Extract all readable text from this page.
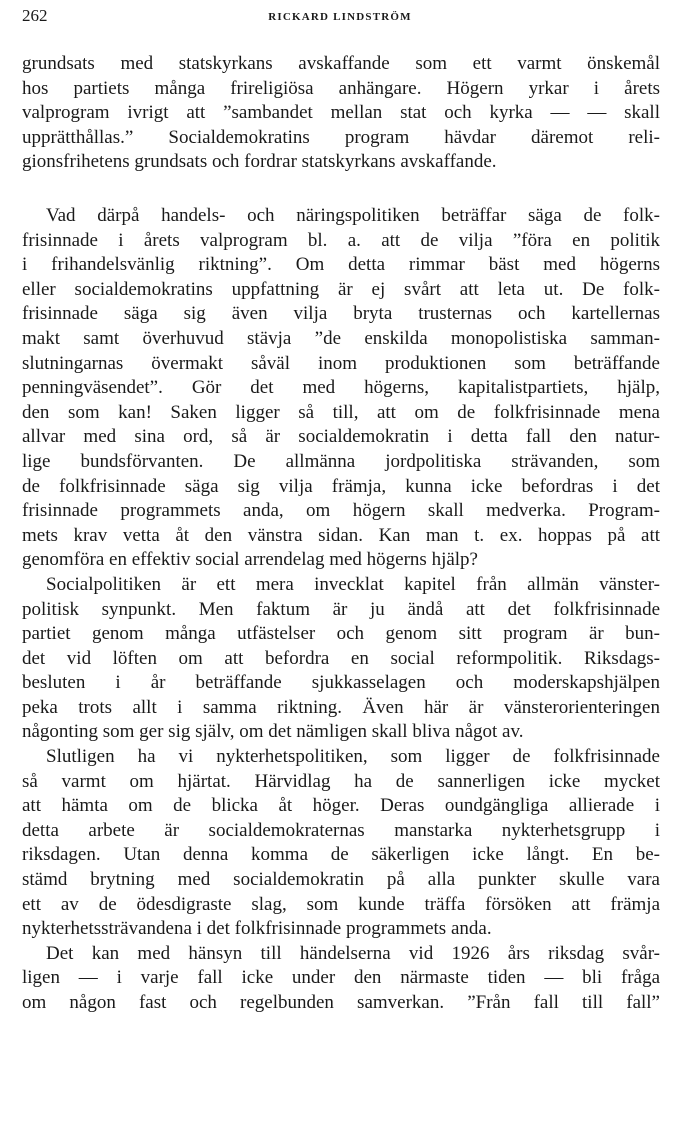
262	RICKARD LINDSTRÖM
grundsats med statskyrkans avskaffande som ett varmt önskemål
hos partiets många frireligiösa anhängare. Högern yrkar i årets
valprogram ivrigt att ”sambandet mellan stat och kyrka — — skall
upprätthållas.” Socialdemokratins program hävdar däremot reli-
gionsfrihetens grundsats och fordrar statskyrkans avskaffande.
Vad därpå handels- och näringspolitiken beträffar säga de folk-
frisinnade i årets valprogram bl. a. att de vilja ”föra en politik
i frihandelsvänlig riktning”. Om detta rimmar bäst med högerns
eller socialdemokratins uppfattning är ej svårt att leta ut. De folk-
frisinnade säga sig även vilja bryta trusternas och kartellernas
makt samt överhuvud stävja ”de enskilda monopolistiska samman-
slutningarnas övermakt såväl inom produktionen som beträffande
penningväsendet”. Gör det med högerns, kapitalistpartiets, hjälp,
den som kan! Saken ligger så till, att om de folkfrisinnade mena
allvar med sina ord, så är socialdemokratin i detta fall den natur-
lige bundsförvanten. De allmänna jordpolitiska strävanden, som
de folkfrisinnade säga sig vilja främja, kunna icke befordras i det
frisinnade programmets anda, om högern skall medverka. Program-
mets krav vetta åt den vänstra sidan. Kan man t. ex. hoppas på att
genomföra en effektiv social arrendelag med högerns hjälp?
Socialpolitiken är ett mera invecklat kapitel från allmän vänster-
politisk synpunkt. Men faktum är ju ändå att det folkfrisinnade
partiet genom många utfästelser och genom sitt program är bun-
det vid löften om att befordra en social reformpolitik. Riksdags-
besluten i år beträffande sjukkasselagen och moderskapshjälpen
peka trots allt i samma riktning. Även här är vänsterorienteringen
någonting som ger sig själv, om det nämligen skall bliva något av.
Slutligen ha vi nykterhetspolitiken, som ligger de folkfrisinnade
så varmt om hjärtat. Härvidlag ha de sannerligen icke mycket
att hämta om de blicka åt höger. Deras oundgängliga allierade i
detta arbete är socialdemokraternas manstarka nykterhetsgrupp i
riksdagen. Utan denna komma de säkerligen icke långt. En be-
stämd brytning med socialdemokratin på alla punkter skulle vara
ett av de ödesdigraste slag, som kunde träffa försöken att främja
nykterhetssträvandena i det folkfrisinnade programmets anda.
Det kan med hänsyn till händelserna vid 1926 års riksdag svår-
ligen — i varje fall icke under den närmaste tiden — bli fråga
om någon fast och regelbunden samverkan. ”Från fall till fall”
